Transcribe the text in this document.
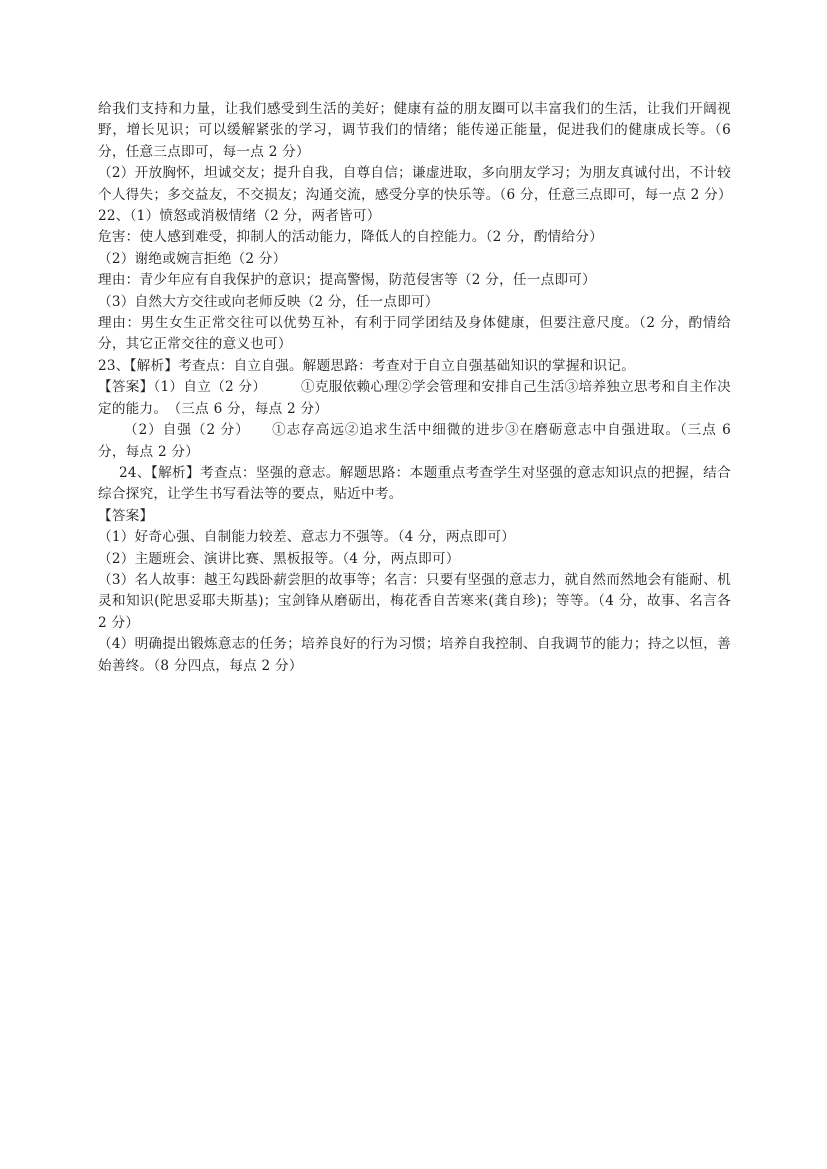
给我们支持和力量，让我们感受到生活的美好；健康有益的朋友圈可以丰富我们的生活，让我们开阔视野，增长见识；可以缓解紧张的学习，调节我们的情绪；能传递正能量，促进我们的健康成长等。（6 分，任意三点即可，每一点 2 分）

（2）开放胸怀，坦诚交友；提升自我，自尊自信；谦虚进取，多向朋友学习；为朋友真诚付出，不计较个人得失；多交益友，不交损友；沟通交流，感受分享的快乐等。（6 分，任意三点即可，每一点 2 分）

22、（1）愤怒或消极情绪（2 分，两者皆可）

危害：使人感到难受，抑制人的活动能力，降低人的自控能力。（2 分，酌情给分）

（2）谢绝或婉言拒绝（2 分）

理由：青少年应有自我保护的意识；提高警惕，防范侵害等（2 分，任一点即可）

（3）自然大方交往或向老师反映（2 分，任一点即可）

理由：男生女生正常交往可以优势互补，有利于同学团结及身体健康，但要注意尺度。（2 分，酌情给分，其它正常交往的意义也可）

23、【解析】考查点：自立自强。解题思路：考查对于自立自强基础知识的掌握和识记。

【答案】（1）自立（2 分）　　　①克服依赖心理②学会管理和安排自己生活③培养独立思考和自主作决定的能力。　（三点 6 分，每点 2 分）

（2）自强（2 分）　　①志存高远②追求生活中细微的进步③在磨砺意志中自强进取。（三点 6 分，每点 2 分）

24、【解析】考查点：坚强的意志。解题思路：本题重点考查学生对坚强的意志知识点的把握，结合综合探究，让学生书写看法等的要点，贴近中考。

【答案】

（1）好奇心强、自制能力较差、意志力不强等。（4 分，两点即可）

（2）主题班会、演讲比赛、黑板报等。（4 分，两点即可）

（3）名人故事：越王勾践卧薪尝胆的故事等；名言：只要有坚强的意志力，就自然而然地会有能耐、机灵和知识(陀思妥耶夫斯基)；宝剑锋从磨砺出，梅花香自苦寒来(龚自珍)；等等。（4 分，故事、名言各 2 分）

（4）明确提出锻炼意志的任务；培养良好的行为习惯；培养自我控制、自我调节的能力；持之以恒，善始善终。（8 分四点，每点 2 分）
